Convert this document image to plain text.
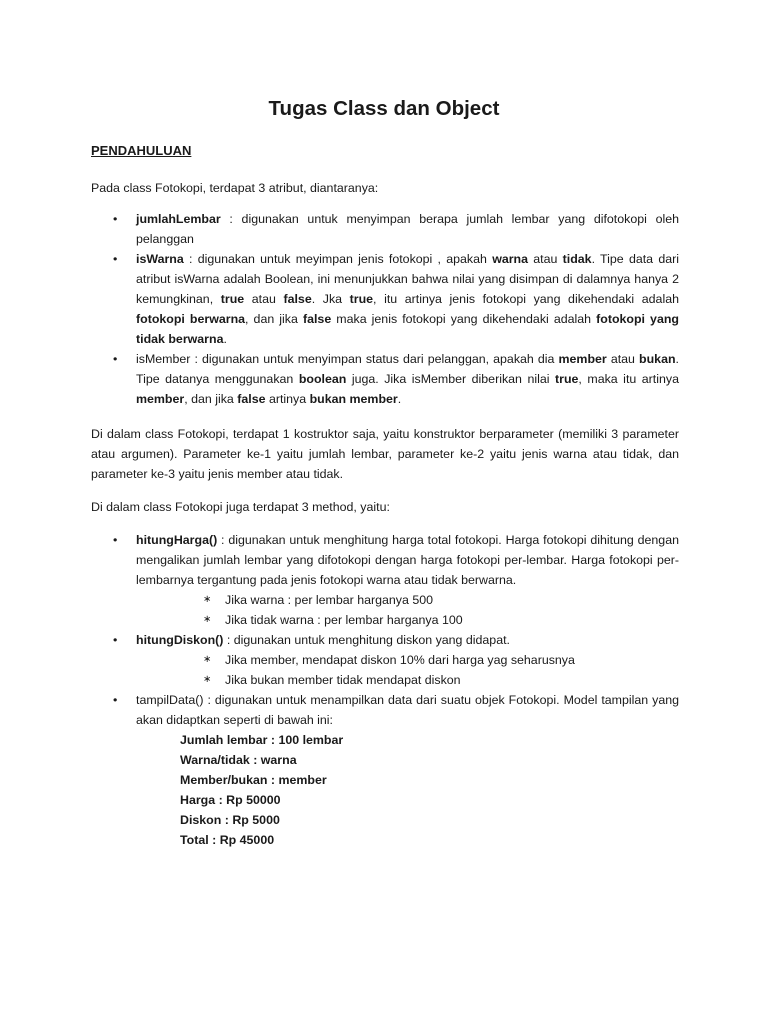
Tugas Class dan Object
PENDAHULUAN

Pada class Fotokopi, terdapat 3 atribut, diantaranya:

• jumlahLembar : digunakan untuk menyimpan berapa jumlah lembar yang difotokopi oleh pelanggan
• isWarna : digunakan untuk meyimpan jenis fotokopi , apakah warna atau tidak. Tipe data dari atribut isWarna adalah Boolean, ini menunjukkan bahwa nilai yang disimpan di dalamnya hanya 2 kemungkinan, true atau false. Jka true, itu artinya jenis fotokopi yang dikehendaki adalah fotokopi berwarna, dan jika false maka jenis fotokopi yang dikehendaki adalah fotokopi yang tidak berwarna.
• isMember : digunakan untuk menyimpan status dari pelanggan, apakah dia member atau bukan. Tipe datanya menggunakan boolean juga. Jika isMember diberikan nilai true, maka itu artinya member, dan jika false artinya bukan member.

Di dalam class Fotokopi, terdapat 1 kostruktor saja, yaitu konstruktor berparameter (memiliki 3 parameter atau argumen). Parameter ke-1 yaitu jumlah lembar, parameter ke-2 yaitu jenis warna atau tidak, dan parameter ke-3 yaitu jenis member atau tidak.

Di dalam class Fotokopi juga terdapat 3 method, yaitu:

• hitungHarga() : digunakan untuk menghitung harga total fotokopi. Harga fotokopi dihitung dengan mengalikan jumlah lembar yang difotokopi dengan harga fotokopi per-lembar. Harga fotokopi per-lembarnya tergantung pada jenis fotokopi warna atau tidak berwarna.
∗ Jika warna : per lembar harganya 500
∗ Jika tidak warna : per lembar harganya 100
• hitungDiskon() : digunakan untuk menghitung diskon yang didapat.
∗ Jika member, mendapat diskon 10% dari harga yag seharusnya
∗ Jika bukan member tidak mendapat diskon
• tampilData() : digunakan untuk menampilkan data dari suatu objek Fotokopi. Model tampilan yang akan didaptkan seperti di bawah ini:
Jumlah lembar : 100 lembar
Warna/tidak : warna
Member/bukan : member
Harga : Rp 50000
Diskon : Rp 5000
Total : Rp 45000
